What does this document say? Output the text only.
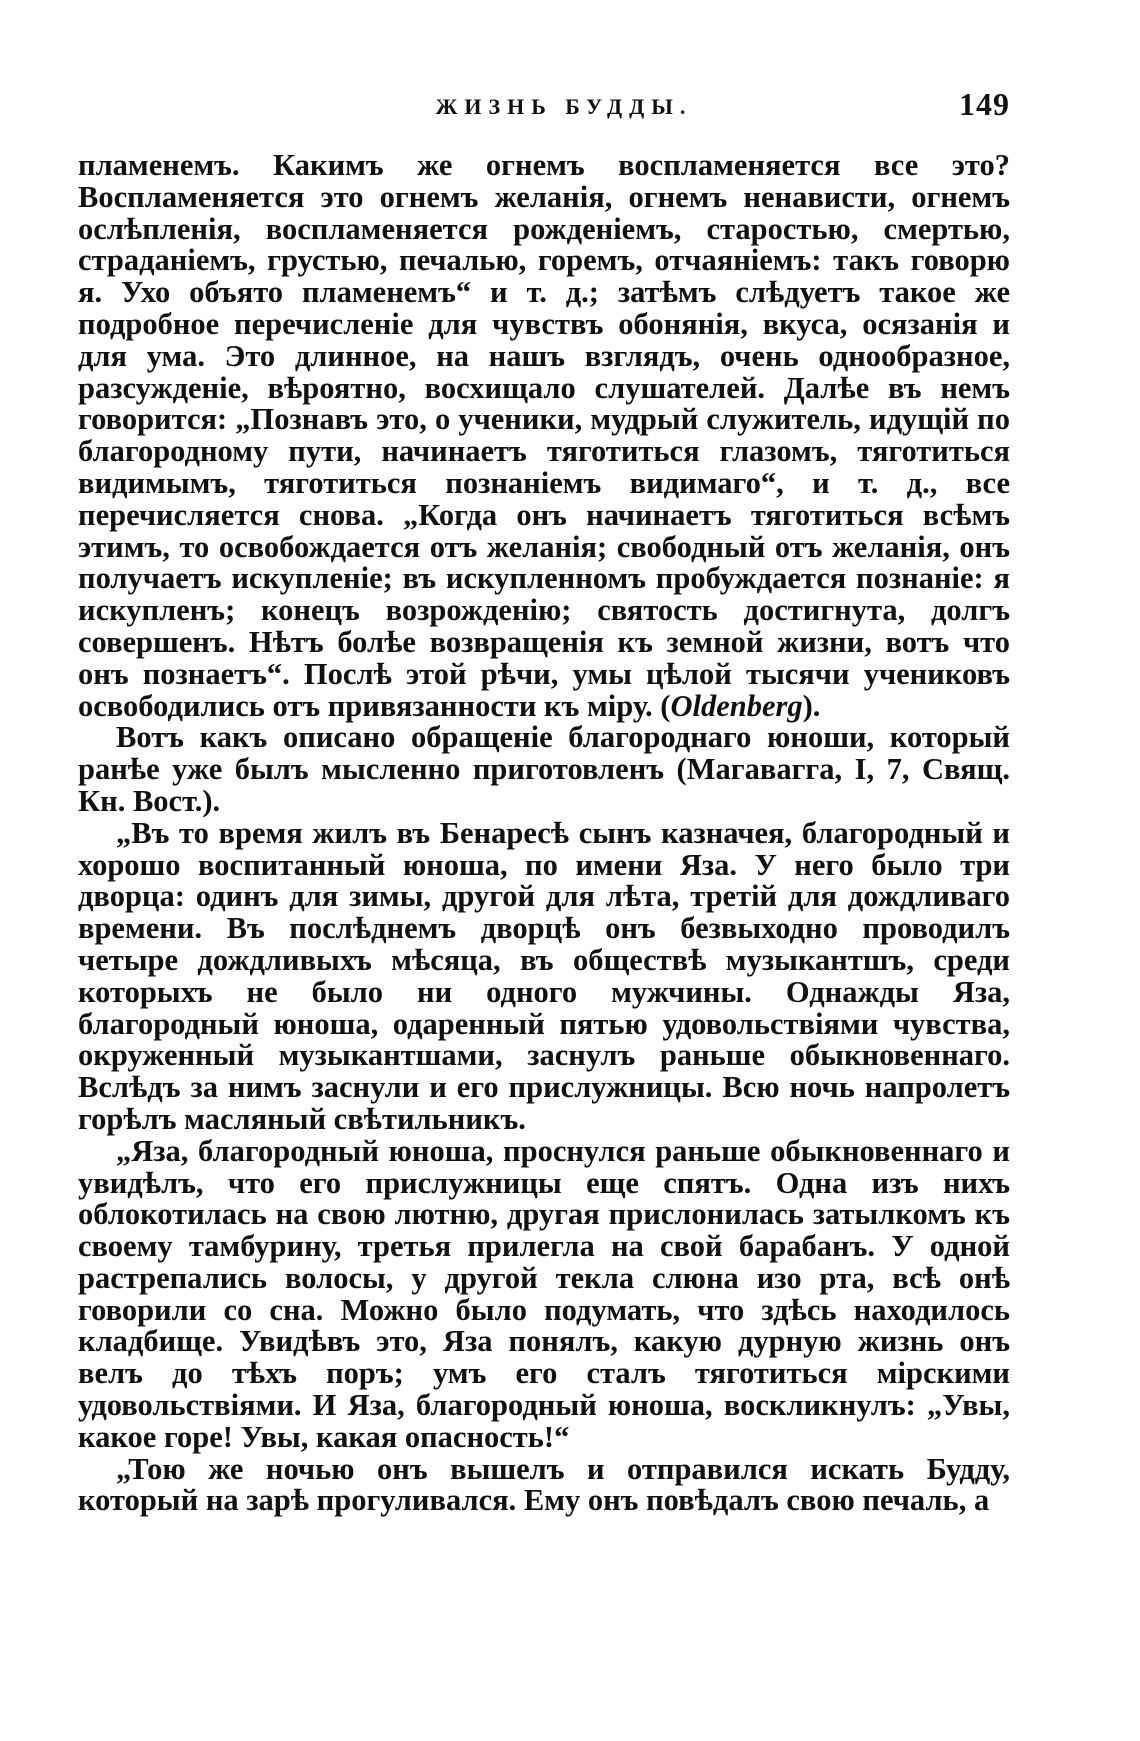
ЖИЗНЬ БУДДЫ.	149

пламенемъ. Какимъ же огнемъ воспламеняется все это? Воспламеняется это огнемъ желанія, огнемъ ненависти, огнемъ ослѣпленія, воспламеняется рожденіемъ, старостью, смертью, страданіемъ, грустью, печалью, горемъ, отчаяніемъ: такъ говорю я. Ухо объято пламенемъ“ и т. д.; затѣмъ слѣдуетъ такое же подробное перечисленіе для чувствъ обонянія, вкуса, осязанія и для ума. Это длинное, на нашъ взглядъ, очень однообразное, разсужденіе, вѣроятно, восхищало слушателей. Далѣе въ немъ говорится: „Познавъ это, о ученики, мудрый служитель, идущій по благородному пути, начинаетъ тяготиться глазомъ, тяготиться видимымъ, тяготиться познаніемъ видимаго“, и т. д., все перечисляется снова. „Когда онъ начинаетъ тяготиться всѣмъ этимъ, то освобождается отъ желанія; свободный отъ желанія, онъ получаетъ искупленіе; въ искупленномъ пробуждается познаніе: я искупленъ; конецъ возрожденію; святость достигнута, долгъ совершенъ. Нѣтъ болѣе возвращенія къ земной жизни, вотъ что онъ познаетъ“. Послѣ этой рѣчи, умы цѣлой тысячи учениковъ освободились отъ привязанности къ міру. (Oldenberg).

Вотъ какъ описано обращеніе благороднаго юноши, который ранѣе уже былъ мысленно приготовленъ (Магавагга, I, 7, Свящ. Кн. Вост.).

„Въ то время жилъ въ Бенаресѣ сынъ казначея, благородный и хорошо воспитанный юноша, по имени Яза. У него было три дворца: одинъ для зимы, другой для лѣта, третій для дождливаго времени. Въ послѣднемъ дворцѣ онъ безвыходно проводилъ четыре дождливыхъ мѣсяца, въ обществѣ музыкантшъ, среди которыхъ не было ни одного мужчины. Однажды Яза, благородный юноша, одаренный пятью удовольствіями чувства, окруженный музыкантшами, заснулъ раньше обыкновеннаго. Вслѣдъ за нимъ заснули и его прислужницы. Всю ночь напролетъ горѣлъ масляный свѣтильникъ.

„Яза, благородный юноша, проснулся раньше обыкновеннаго и увидѣлъ, что его прислужницы еще спятъ. Одна изъ нихъ облокотилась на свою лютню, другая прислонилась затылкомъ къ своему тамбурину, третья прилегла на свой барабанъ. У одной растрепались волосы, у другой текла слюна изо рта, всѣ онѣ говорили со сна. Можно было подумать, что здѣсь находилось кладбище. Увидѣвъ это, Яза понялъ, какую дурную жизнь онъ велъ до тѣхъ поръ; умъ его сталъ тяготиться мірскими удовольствіями. И Яза, благородный юноша, воскликнулъ: „Увы, какое горе! Увы, какая опасность!“

„Тою же ночью онъ вышелъ и отправился искать Будду, который на зарѣ прогуливался. Ему онъ повѣдалъ свою печаль, а
